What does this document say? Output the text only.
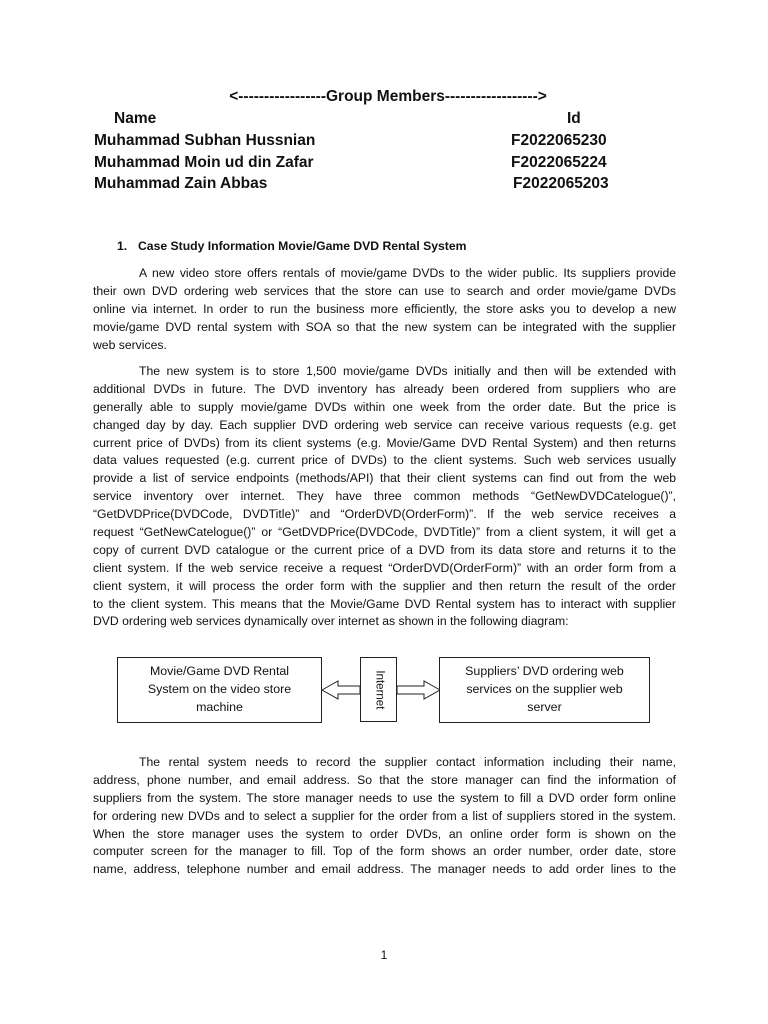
<-----------------Group Members------------------>
Name	Id
Muhammad Subhan Hussnian	F2022065230
Muhammad Moin ud din Zafar	F2022065224
Muhammad Zain Abbas	F2022065203
1. Case Study Information Movie/Game DVD Rental System
A new video store offers rentals of movie/game DVDs to the wider public. Its suppliers provide
their own DVD ordering web services that the store can use to search and order movie/game DVDs
online via internet. In order to run the business more efficiently, the store asks you to develop a new
movie/game DVD rental system with SOA so that the new system can be integrated with the supplier
web services.
The new system is to store 1,500 movie/game DVDs initially and then will be extended with
additional DVDs in future. The DVD inventory has already been ordered from suppliers who are
generally able to supply movie/game DVDs within one week from the order date. But the price is
changed day by day. Each supplier DVD ordering web service can receive various requests (e.g. get
current price of DVDs) from its client systems (e.g. Movie/Game DVD Rental System) and then returns
data values requested (e.g. current price of DVDs) to the client systems. Such web services usually
provide a list of service endpoints (methods/API) that their client systems can find out from the web
service inventory over internet. They have three common methods “GetNewDVDCatelogue()”,
“GetDVDPrice(DVDCode, DVDTitle)” and “OrderDVD(OrderForm)”. If the web service receives a
request “GetNewCatelogue()” or “GetDVDPrice(DVDCode, DVDTitle)” from a client system, it will get a
copy of current DVD catalogue or the current price of a DVD from its data store and returns it to the
client system. If the web service receive a request “OrderDVD(OrderForm)” with an order form from a
client system, it will process the order form with the supplier and then return the result of the order
to the client system. This means that the Movie/Game DVD Rental system has to interact with supplier
DVD ordering web services dynamically over internet as shown in the following diagram:
Movie/Game DVD Rental
System on the video store
machine	Internet	Suppliers’ DVD ordering web
services on the supplier web
server
The rental system needs to record the supplier contact information including their name,
address, phone number, and email address. So that the store manager can find the information of
suppliers from the system. The store manager needs to use the system to fill a DVD order form online
for ordering new DVDs and to select a supplier for the order from a list of suppliers stored in the system.
When the store manager uses the system to order DVDs, an online order form is shown on the
computer screen for the manager to fill. Top of the form shows an order number, order date, store
name, address, telephone number and email address. The manager needs to add order lines to the
1
